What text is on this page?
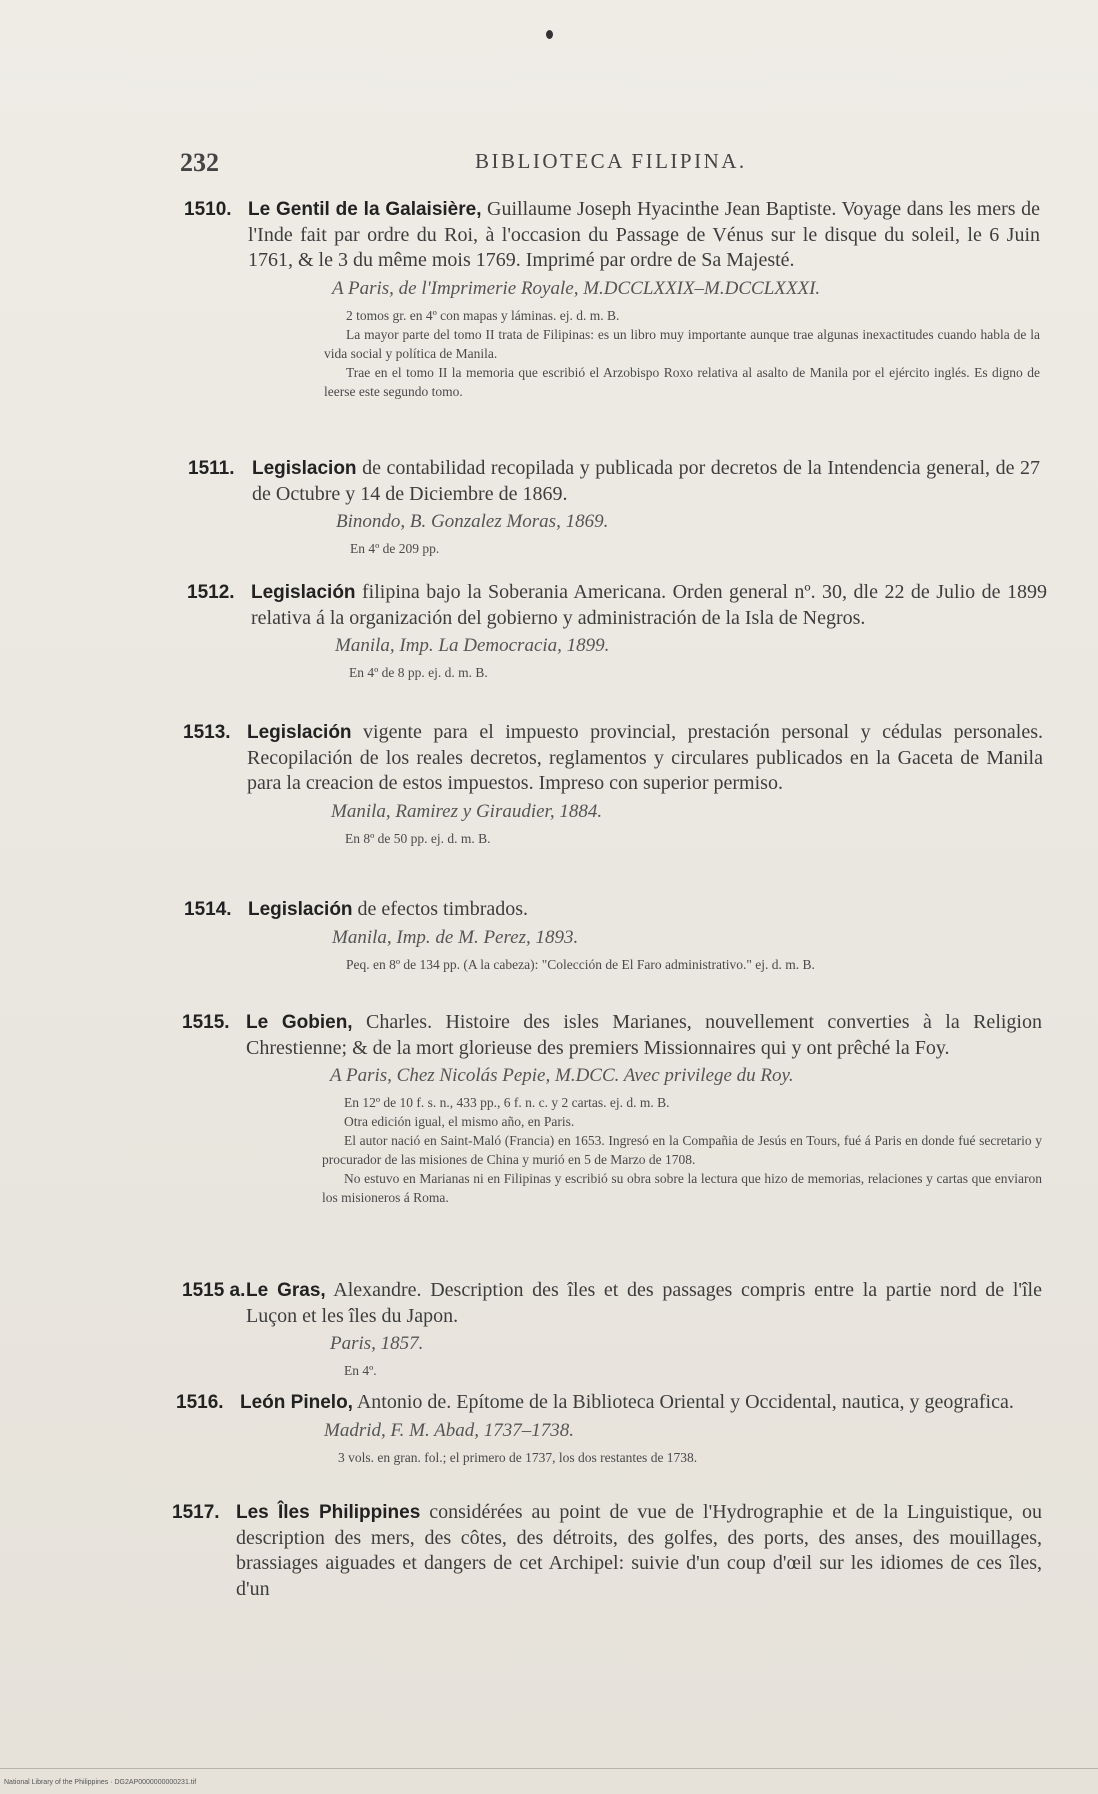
232	BIBLIOTECA FILIPINA.
1510. Le Gentil de la Galaisière, Guillaume Joseph Hyacinthe Jean Baptiste. Voyage dans les mers de l'Inde fait par ordre du Roi, à l'occasion du Passage de Vénus sur le disque du soleil, le 6 Juin 1761, & le 3 du même mois 1769. Imprimé par ordre de Sa Majesté.
A Paris, de l'Imprimerie Royale, M.DCCLXXIX–M.DCCLXXXI.

2 tomos gr. en 4º con mapas y láminas. ej. d. m. B.

La mayor parte del tomo II trata de Filipinas: es un libro muy importante aunque trae algunas inexactitudes cuando habla de la vida social y política de Manila.

Trae en el tomo II la memoria que escribió el Arzobispo Roxo relativa al asalto de Manila por el ejército inglés. Es digno de leerse este segundo tomo.

1511. Legislacion de contabilidad recopilada y publicada por decretos de la Intendencia general, de 27 de Octubre y 14 de Diciembre de 1869.
Binondo, B. Gonzalez Moras, 1869.

En 4º de 209 pp.

1512. Legislación filipina bajo la Soberania Americana. Orden general nº. 30, dle 22 de Julio de 1899 relativa á la organización del gobierno y administración de la Isla de Negros.
Manila, Imp. La Democracia, 1899.

En 4º de 8 pp. ej. d. m. B.

1513. Legislación vigente para el impuesto provincial, prestación personal y cédulas personales. Recopilación de los reales decretos, reglamentos y circulares publicados en la Gaceta de Manila para la creacion de estos impuestos. Impreso con superior permiso.
Manila, Ramirez y Giraudier, 1884.

En 8º de 50 pp. ej. d. m. B.

1514. Legislación de efectos timbrados.
Manila, Imp. de M. Perez, 1893.

Peq. en 8º de 134 pp. (A la cabeza): "Colección de El Faro administrativo." ej. d. m. B.

1515. Le Gobien, Charles. Histoire des isles Marianes, nouvellement converties à la Religion Chrestienne; & de la mort glorieuse des premiers Missionnaires qui y ont prêché la Foy.
A Paris, Chez Nicolás Pepie, M.DCC. Avec privilege du Roy.

En 12º de 10 f. s. n., 433 pp., 6 f. n. c. y 2 cartas. ej. d. m. B.

Otra edición igual, el mismo año, en Paris.

El autor nació en Saint-Maló (Francia) en 1653. Ingresó en la Compañia de Jesús en Tours, fué á Paris en donde fué secretario y procurador de las misiones de China y murió en 5 de Marzo de 1708.

No estuvo en Marianas ni en Filipinas y escribió su obra sobre la lectura que hizo de memorias, relaciones y cartas que enviaron los misioneros á Roma.

1515 a.Le Gras, Alexandre. Description des îles et des passages compris entre la partie nord de l'île Luçon et les îles du Japon.
Paris, 1857.

En 4º.

1516. León Pinelo, Antonio de. Epítome de la Biblioteca Oriental y Occidental, nautica, y geografica.
Madrid, F. M. Abad, 1737–1738.

3 vols. en gran. fol.; el primero de 1737, los dos restantes de 1738.

1517. Les Îles Philippines considérées au point de vue de l'Hydrographie et de la Linguistique, ou description des mers, des côtes, des détroits, des golfes, des ports, des anses, des mouillages, brassiages aiguades et dangers de cet Archipel: suivie d'un coup d'œil sur les idiomes de ces îles, d'un
National Library of the Philippines · DG2AP0000000000231.tif
